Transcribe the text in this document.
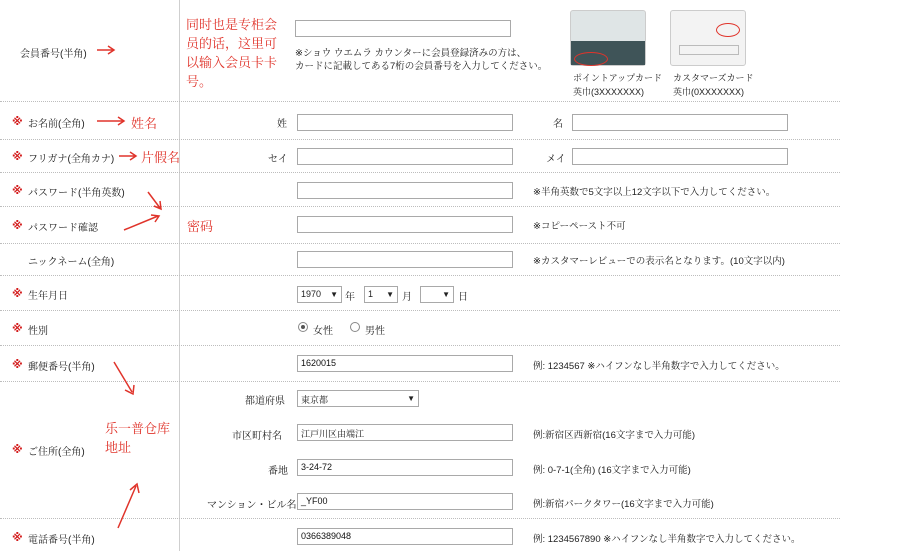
会員番号(半角)
同时也是专柜会
员的话，这里可
以输入会员卡卡
号。
※ショウ ウエムラ カウンターに会員登録済みの方は、
カードに記載してある7桁の会員番号を入力してください。
ポイントアップカード
英巾(3XXXXXXX)
カスタマーズカード
英巾(0XXXXXXX)
※ お名前(全角)	姓名	姓	名
※ フリガナ(全角カナ) 片假名	セイ	メイ
※ パスワード(半角英数)	※半角英数で5文字以上12文字以下で入力してください。
※ パスワード確認	密码	※コピーペースト不可
ニックネーム(全角)	※カスタマーレビューでの表示名となります。(10文字以内)
※ 生年月日	1970 ▼ 年	1 ▼ 月	▼ 日
※ 性別	女性	男性
※ 郵便番号(半角)	1620015	例: 1234567 ※ハイフンなし半角数字で入力してください。
※ ご住所(全角)
乐一普仓库
地址
都道府県	東京都	▼
市区町村名	江戸川区由端江	例:新宿区西新宿(16文字まで入力可能)
番地	3-24-72	例: 0-7-1(全角) (16文字まで入力可能)
マンション・ビル名 _YF00	例:新宿パークタワー(16文字まで入力可能)
※ 電話番号(半角)	0366389048	例: 1234567890 ※ハイフンなし半角数字で入力してください。
